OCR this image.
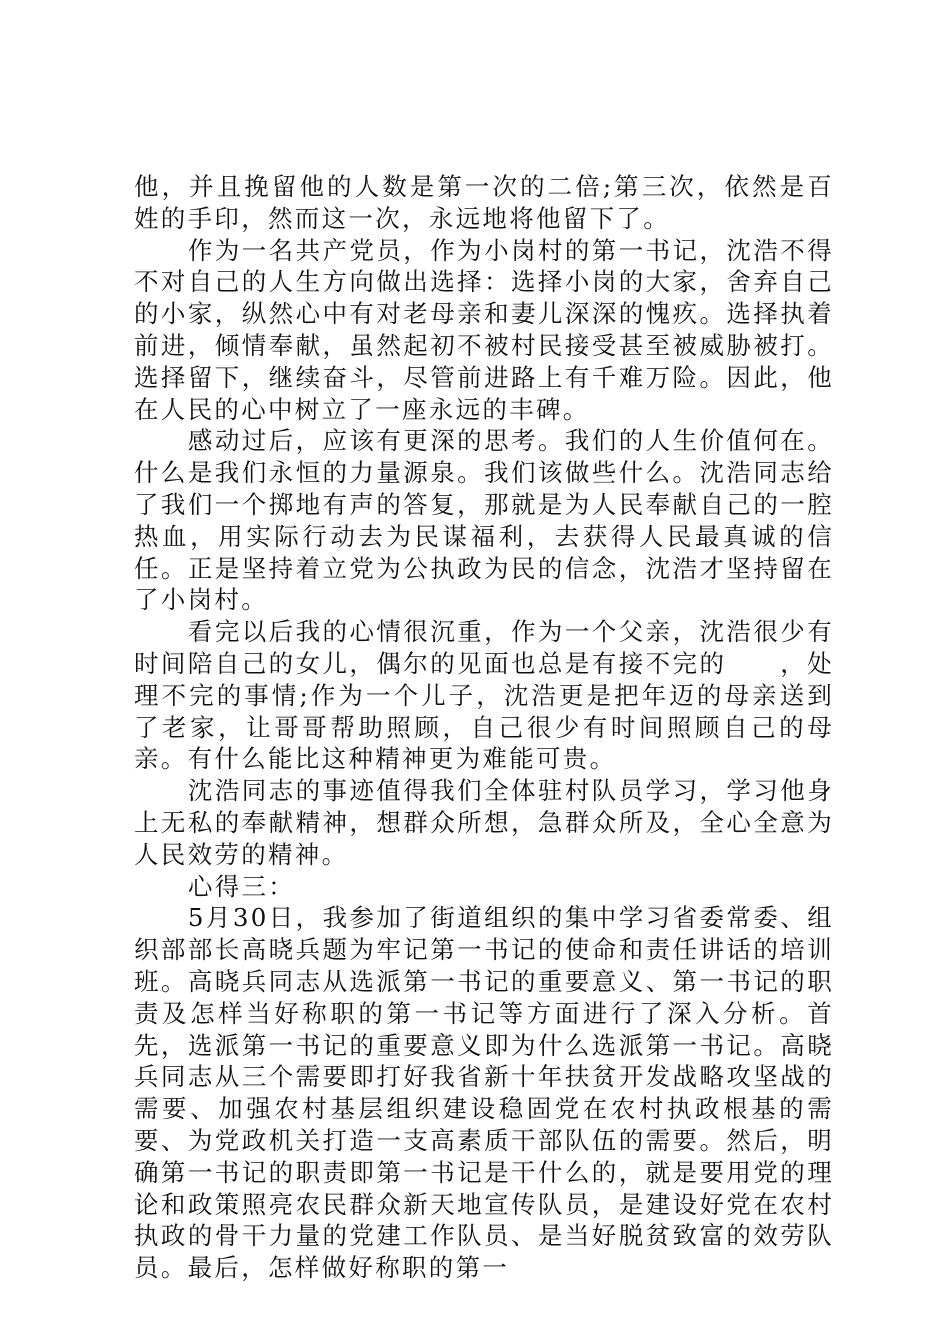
他，并且挽留他的人数是第一次的二倍;第三次，依然是百姓的手印，然而这一次，永远地将他留下了。

作为一名共产党员，作为小岗村的第一书记，沈浩不得不对自己的人生方向做出选择：选择小岗的大家，舍弃自己的小家，纵然心中有对老母亲和妻儿深深的愧疚。选择执着前进，倾情奉献，虽然起初不被村民接受甚至被威胁被打。选择留下，继续奋斗，尽管前进路上有千难万险。因此，他在人民的心中树立了一座永远的丰碑。

感动过后，应该有更深的思考。我们的人生价值何在。什么是我们永恒的力量源泉。我们该做些什么。沈浩同志给了我们一个掷地有声的答复，那就是为人民奉献自己的一腔热血，用实际行动去为民谋福利，去获得人民最真诚的信任。正是坚持着立党为公执政为民的信念，沈浩才坚持留在了小岗村。

看完以后我的心情很沉重，作为一个父亲，沈浩很少有时间陪自己的女儿，偶尔的见面也总是有接不完的　　，处理不完的事情;作为一个儿子，沈浩更是把年迈的母亲送到了老家，让哥哥帮助照顾，自己很少有时间照顾自己的母亲。有什么能比这种精神更为难能可贵。

沈浩同志的事迹值得我们全体驻村队员学习，学习他身上无私的奉献精神，想群众所想，急群众所及，全心全意为人民效劳的精神。

心得三：

5月30日，我参加了街道组织的集中学习省委常委、组织部部长高晓兵题为牢记第一书记的使命和责任讲话的培训班。高晓兵同志从选派第一书记的重要意义、第一书记的职责及怎样当好称职的第一书记等方面进行了深入分析。首先，选派第一书记的重要意义即为什么选派第一书记。高晓兵同志从三个需要即打好我省新十年扶贫开发战略攻坚战的需要、加强农村基层组织建设稳固党在农村执政根基的需要、为党政机关打造一支高素质干部队伍的需要。然后，明确第一书记的职责即第一书记是干什么的，就是要用党的理论和政策照亮农民群众新天地宣传队员，是建设好党在农村执政的骨干力量的党建工作队员、是当好脱贫致富的效劳队员。最后，怎样做好称职的第一
